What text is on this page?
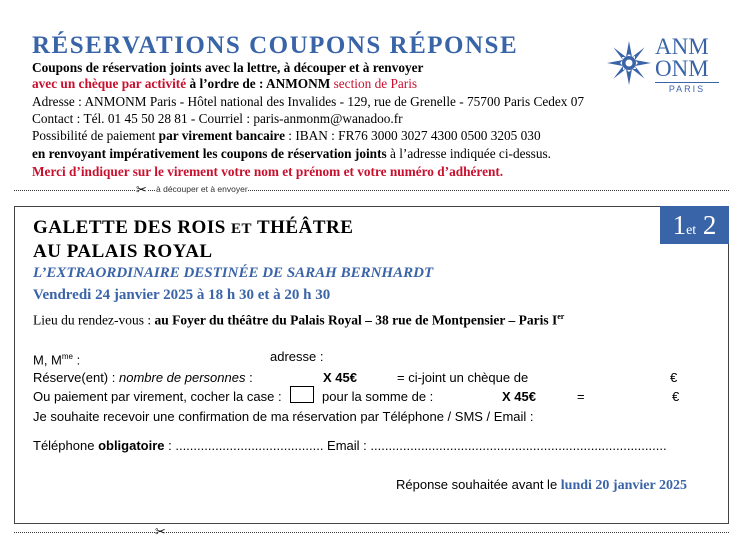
RÉSERVATIONS COUPONS RÉPONSE
Coupons de réservation joints avec la lettre, à découper et à renvoyer
avec un chèque par activité à l’ordre de : ANMONM section de Paris
Adresse : ANMONM Paris - Hôtel national des Invalides - 129, rue de Grenelle - 75700 Paris Cedex 07
Contact : Tél. 01 45 50 28 81 - Courriel : paris-anmonm@wanadoo.fr
Possibilité de paiement par virement bancaire : IBAN : FR76 3000 3027 4300 0500 3205 030
en renvoyant impérativement les coupons de réservation joints à l’adresse indiquée ci-dessus.
Merci d’indiquer sur le virement votre nom et prénom et votre numéro d’adhérent.
ANM
ONM
PARIS
✂ à découper et à envoyer
1et 2
GALETTE DES ROIS ET THÉÂTRE
AU PALAIS ROYAL
L’EXTRAORDINAIRE DESTINÉE DE SARAH BERNHARDT
Vendredi 24 janvier 2025 à 18 h 30 et à 20 h 30
Lieu du rendez-vous : au Foyer du théâtre du Palais Royal – 38 rue de Montpensier – Paris Ier
M, $M^{me}$ :	adresse :
Réserve(ent) : nombre de personnes :	X 45€	= ci-joint un chèque de	€
Ou paiement par virement, cocher la case :	pour la somme de :	X 45€	=	€
Je souhaite recevoir une confirmation de ma réservation par Téléphone / SMS / Email :
Téléphone obligatoire : ......................................... Email : ..................................................................................
Réponse souhaitée avant le lundi 20 janvier 2025
✂
